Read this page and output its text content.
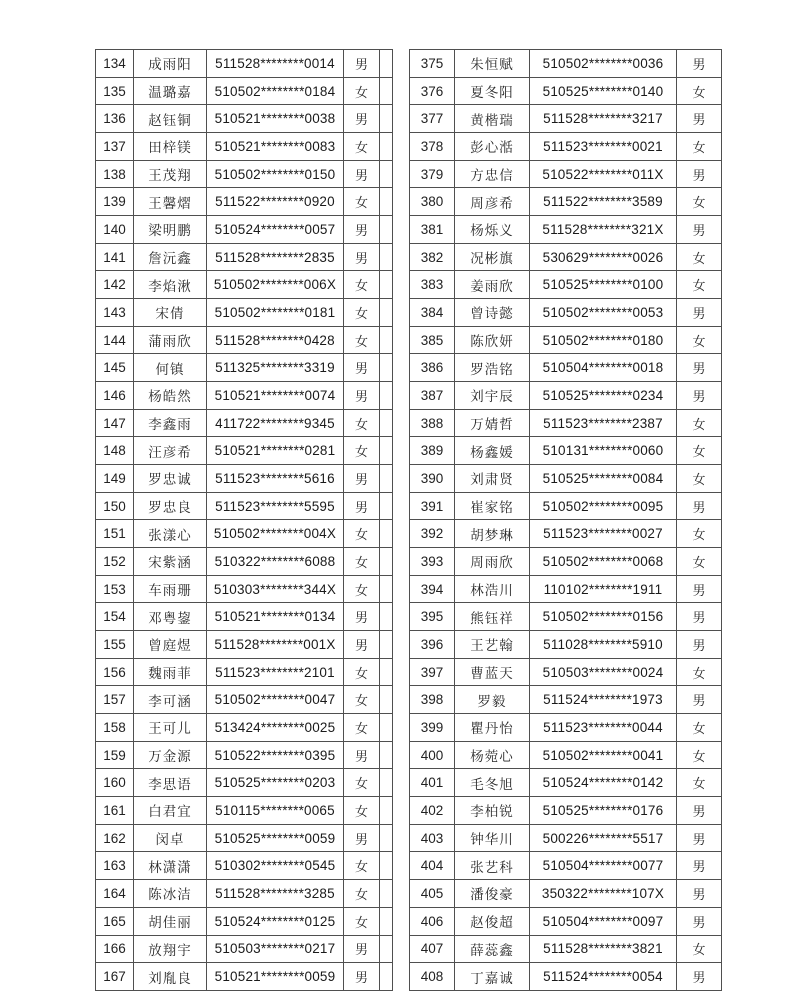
134	成雨阳	511528********0014	男	
135	温璐嘉	510502********0184	女	
136	赵钰铜	510521********0038	男	
137	田梓镁	510521********0083	女	
138	王茂翔	510502********0150	男	
139	王馨熠	511522********0920	女	
140	梁明鹏	510524********0057	男	
141	詹沅鑫	511528********2835	男	
142	李焰湫	510502********006X	女	
143	宋倩	510502********0181	女	
144	蒲雨欣	511528********0428	女	
145	何镇	511325********3319	男	
146	杨皓然	510521********0074	男	
147	李鑫雨	411722********9345	女	
148	汪彦希	510521********0281	女	
149	罗忠诚	511523********5616	男	
150	罗忠良	511523********5595	男	
151	张漾心	510502********004X	女	
152	宋紫涵	510322********6088	女	
153	车雨珊	510303********344X	女	
154	邓粤鋆	510521********0134	男	
155	曾庭煜	511528********001X	男	
156	魏雨菲	511523********2101	女	
157	李可涵	510502********0047	女	
158	王可儿	513424********0025	女	
159	万金源	510522********0395	男	
160	李思语	510525********0203	女	
161	白君宜	510115********0065	女	
162	闵卓	510525********0059	男	
163	林潇潇	510302********0545	女	
164	陈冰洁	511528********3285	女	
165	胡佳丽	510524********0125	女	
166	放翔宇	510503********0217	男	
167	刘胤良	510521********0059	男	
375	朱恒赋	510502********0036	男
376	夏冬阳	510525********0140	女
377	黄楷瑞	511528********3217	男
378	彭心湉	511523********0021	女
379	方忠信	510522********011X	男
380	周彦希	511522********3589	女
381	杨烁义	511528********321X	男
382	况彬旗	530629********0026	女
383	姜雨欣	510525********0100	女
384	曾诗懿	510502********0053	男
385	陈欣妍	510502********0180	女
386	罗浩铭	510504********0018	男
387	刘宇辰	510525********0234	男
388	万婧哲	511523********2387	女
389	杨鑫媛	510131********0060	女
390	刘肃贤	510525********0084	女
391	崔家铭	510502********0095	男
392	胡梦琳	511523********0027	女
393	周雨欣	510502********0068	女
394	林浩川	110102********1911	男
395	熊钰祥	510502********0156	男
396	王艺翰	511028********5910	男
397	曹蓝天	510503********0024	女
398	罗毅	511524********1973	男
399	瞿丹怡	511523********0044	女
400	杨菀心	510502********0041	女
401	毛冬旭	510524********0142	女
402	李柏锐	510525********0176	男
403	钟华川	500226********5517	男
404	张艺科	510504********0077	男
405	潘俊豪	350322********107X	男
406	赵俊超	510504********0097	男
407	薛蕊鑫	511528********3821	女
408	丁嘉诚	511524********0054	男
